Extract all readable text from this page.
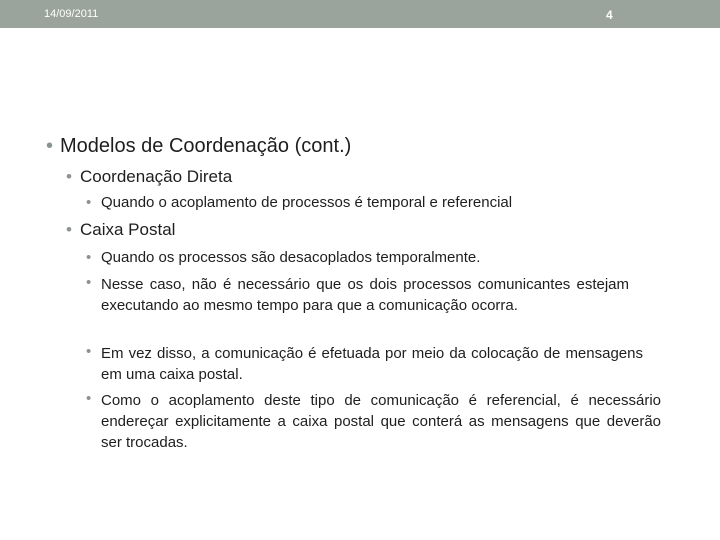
14/09/2011	4
• Modelos de Coordenação (cont.)
• Coordenação Direta
• Quando o acoplamento de processos é temporal e referencial
• Caixa Postal
• Quando os processos são desacoplados temporalmente.
• Nesse caso, não é necessário que os dois processos comunicantes estejam executando ao mesmo tempo para que a comunicação ocorra.
• Em vez disso, a comunicação é efetuada por meio da colocação de mensagens em uma caixa postal.
• Como o acoplamento deste tipo de comunicação é referencial, é necessário endereçar explicitamente a caixa postal que conterá as mensagens que deverão ser trocadas.
